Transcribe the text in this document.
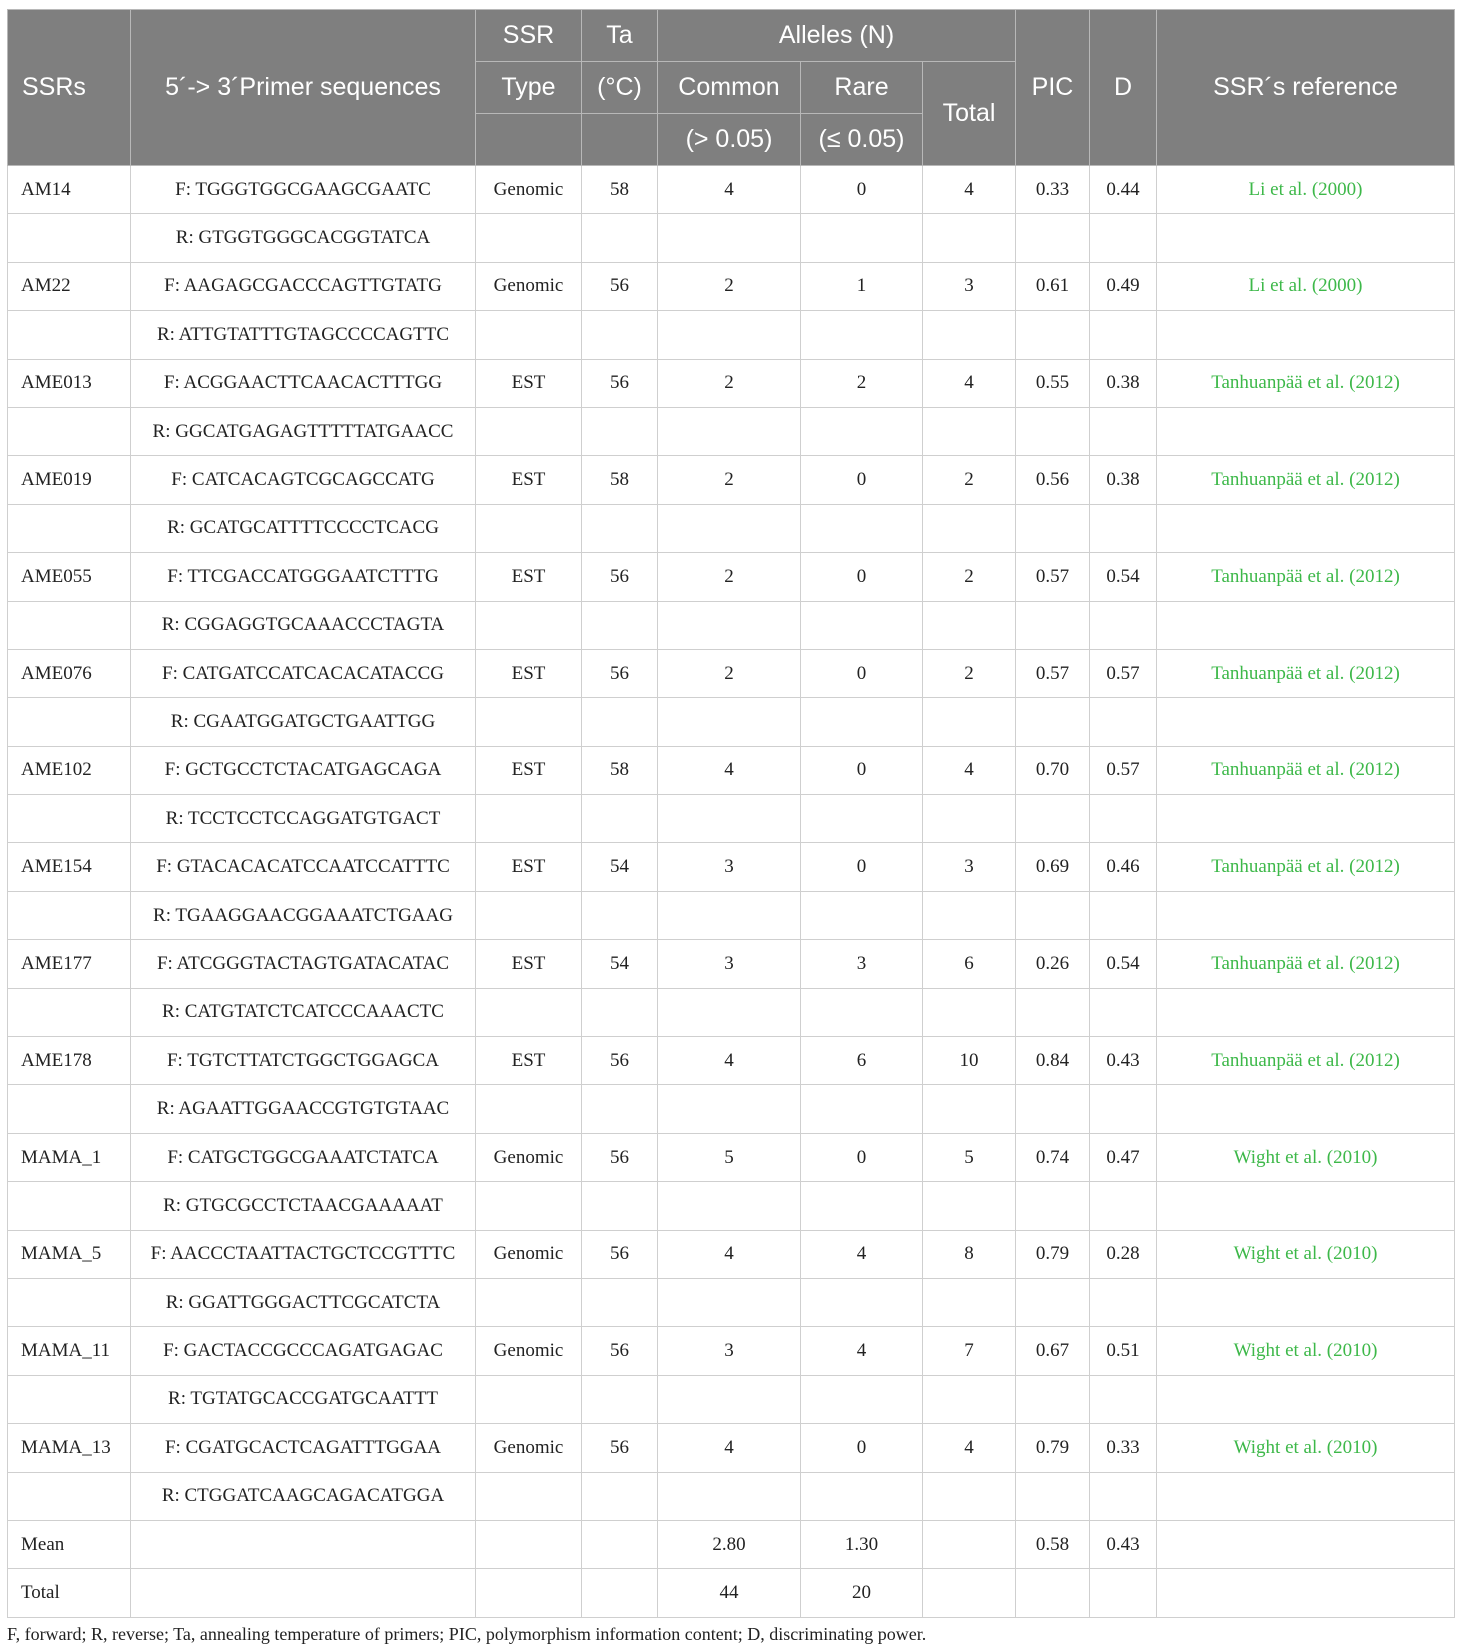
SSRs	5´-> 3´Primer sequences	SSR	Ta	Alleles (N)			PIC	D	SSR´s reference
		Type	(°C)	Common	Rare	Total			
				(> 0.05)	(≤ 0.05)				
AM14	F: TGGGTGGCGAAGCGAATC	Genomic	58	4	0	4	0.33	0.44	Li et al. (2000)
	R: GTGGTGGGCACGGTATCA								
AM22	F: AAGAGCGACCCAGTTGTATG	Genomic	56	2	1	3	0.61	0.49	Li et al. (2000)
	R: ATTGTATTTGTAGCCCCAGTTC								
AME013	F: ACGGAACTTCAACACTTTGG	EST	56	2	2	4	0.55	0.38	Tanhuanpää et al. (2012)
	R: GGCATGAGAGTTTTTATGAACC								
AME019	F: CATCACAGTCGCAGCCATG	EST	58	2	0	2	0.56	0.38	Tanhuanpää et al. (2012)
	R: GCATGCATTTTCCCCTCACG								
AME055	F: TTCGACCATGGGAATCTTTG	EST	56	2	0	2	0.57	0.54	Tanhuanpää et al. (2012)
	R: CGGAGGTGCAAACCCTAGTA								
AME076	F: CATGATCCATCACACATACCG	EST	56	2	0	2	0.57	0.57	Tanhuanpää et al. (2012)
	R: CGAATGGATGCTGAATTGG								
AME102	F: GCTGCCTCTACATGAGCAGA	EST	58	4	0	4	0.70	0.57	Tanhuanpää et al. (2012)
	R: TCCTCCTCCAGGATGTGACT								
AME154	F: GTACACACATCCAATCCATTTC	EST	54	3	0	3	0.69	0.46	Tanhuanpää et al. (2012)
	R: TGAAGGAACGGAAATCTGAAG								
AME177	F: ATCGGGTACTAGTGATACATAC	EST	54	3	3	6	0.26	0.54	Tanhuanpää et al. (2012)
	R: CATGTATCTCATCCCAAACTC								
AME178	F: TGTCTTATCTGGCTGGAGCA	EST	56	4	6	10	0.84	0.43	Tanhuanpää et al. (2012)
	R: AGAATTGGAACCGTGTGTAAC								
MAMA_1	F: CATGCTGGCGAAATCTATCA	Genomic	56	5	0	5	0.74	0.47	Wight et al. (2010)
	R: GTGCGCCTCTAACGAAAAAT								
MAMA_5	F: AACCCTAATTACTGCTCCGTTTC	Genomic	56	4	4	8	0.79	0.28	Wight et al. (2010)
	R: GGATTGGGACTTCGCATCTA								
MAMA_11	F: GACTACCGCCCAGATGAGAC	Genomic	56	3	4	7	0.67	0.51	Wight et al. (2010)
	R: TGTATGCACCGATGCAATTT								
MAMA_13	F: CGATGCACTCAGATTTGGAA	Genomic	56	4	0	4	0.79	0.33	Wight et al. (2010)
	R: CTGGATCAAGCAGACATGGA								
Mean				2.80	1.30		0.58	0.43	
Total				44	20				
F, forward; R, reverse; Ta, annealing temperature of primers; PIC, polymorphism information content; D, discriminating power.
